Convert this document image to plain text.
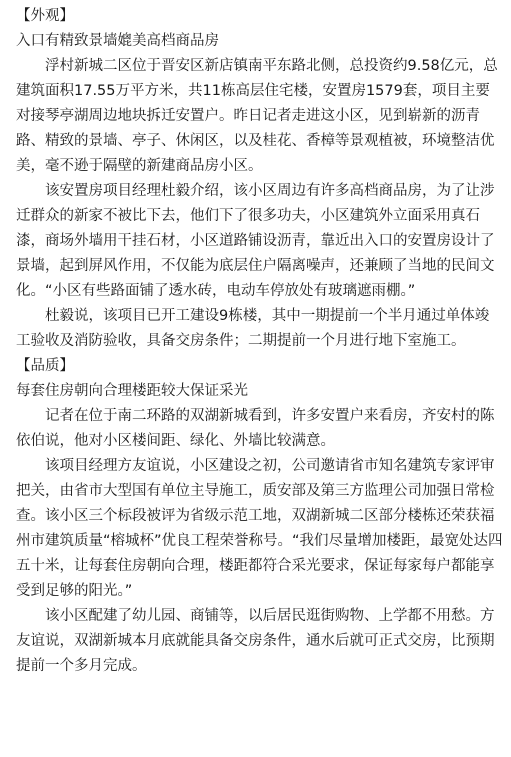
【外观】
入口有精致景墙媲美高档商品房

浮村新城二区位于晋安区新店镇南平东路北侧，总投资约9.58亿元，总建筑面积17.55万平方米，共11栋高层住宅楼，安置房1579套，项目主要对接琴亭湖周边地块拆迁安置户。昨日记者走进这小区，见到崭新的沥青路、精致的景墙、亭子、休闲区，以及桂花、香樟等景观植被，环境整洁优美，毫不逊于隔壁的新建商品房小区。

该安置房项目经理杜毅介绍，该小区周边有许多高档商品房，为了让涉迁群众的新家不被比下去，他们下了很多功夫，小区建筑外立面采用真石漆，商场外墙用干挂石材，小区道路铺设沥青，靠近出入口的安置房设计了景墙，起到屏风作用，不仅能为底层住户隔离噪声，还兼顾了当地的民间文化。“小区有些路面铺了透水砖，电动车停放处有玻璃遮雨棚。”

杜毅说，该项目已开工建设9栋楼，其中一期提前一个半月通过单体竣工验收及消防验收，具备交房条件；二期提前一个月进行地下室施工。

【品质】
每套住房朝向合理楼距较大保证采光

记者在位于南二环路的双湖新城看到，许多安置户来看房，齐安村的陈依伯说，他对小区楼间距、绿化、外墙比较满意。

该项目经理方友谊说，小区建设之初，公司邀请省市知名建筑专家评审把关，由省市大型国有单位主导施工，质安部及第三方监理公司加强日常检查。该小区三个标段被评为省级示范工地，双湖新城二区部分楼栋还荣获福州市建筑质量“榕城杯”优良工程荣誉称号。“我们尽量增加楼距，最宽处达四五十米，让每套住房朝向合理，楼距都符合采光要求，保证每家每户都能享受到足够的阳光。”

该小区配建了幼儿园、商铺等，以后居民逛街购物、上学都不用愁。方友谊说，双湖新城本月底就能具备交房条件，通水后就可正式交房，比预期提前一个多月完成。
